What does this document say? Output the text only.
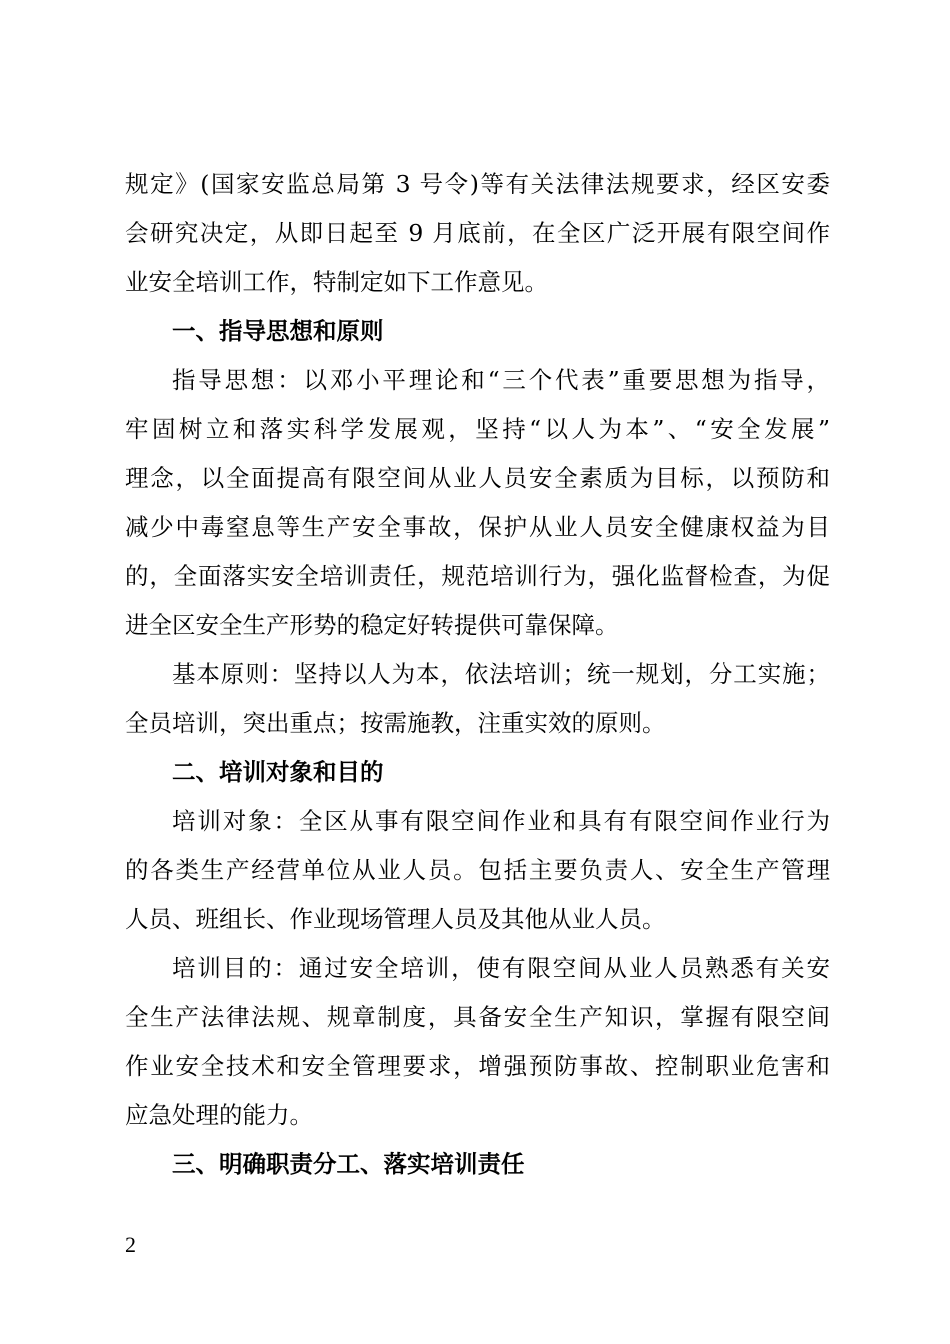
规定》(国家安监总局第 3 号令)等有关法律法规要求，经区安委
会研究决定，从即日起至 9 月底前，在全区广泛开展有限空间作
业安全培训工作，特制定如下工作意见。
一、指导思想和原则
指导思想：以邓小平理论和“三个代表”重要思想为指导，
牢固树立和落实科学发展观，坚持“以人为本”、“安全发展”
理念，以全面提高有限空间从业人员安全素质为目标，以预防和
减少中毒窒息等生产安全事故，保护从业人员安全健康权益为目
的，全面落实安全培训责任，规范培训行为，强化监督检查，为促
进全区安全生产形势的稳定好转提供可靠保障。
基本原则：坚持以人为本，依法培训；统一规划，分工实施；
全员培训，突出重点；按需施教，注重实效的原则。
二、培训对象和目的
培训对象：全区从事有限空间作业和具有有限空间作业行为
的各类生产经营单位从业人员。包括主要负责人、安全生产管理
人员、班组长、作业现场管理人员及其他从业人员。
培训目的：通过安全培训，使有限空间从业人员熟悉有关安
全生产法律法规、规章制度，具备安全生产知识，掌握有限空间
作业安全技术和安全管理要求，增强预防事故、控制职业危害和
应急处理的能力。
三、明确职责分工、落实培训责任
2
